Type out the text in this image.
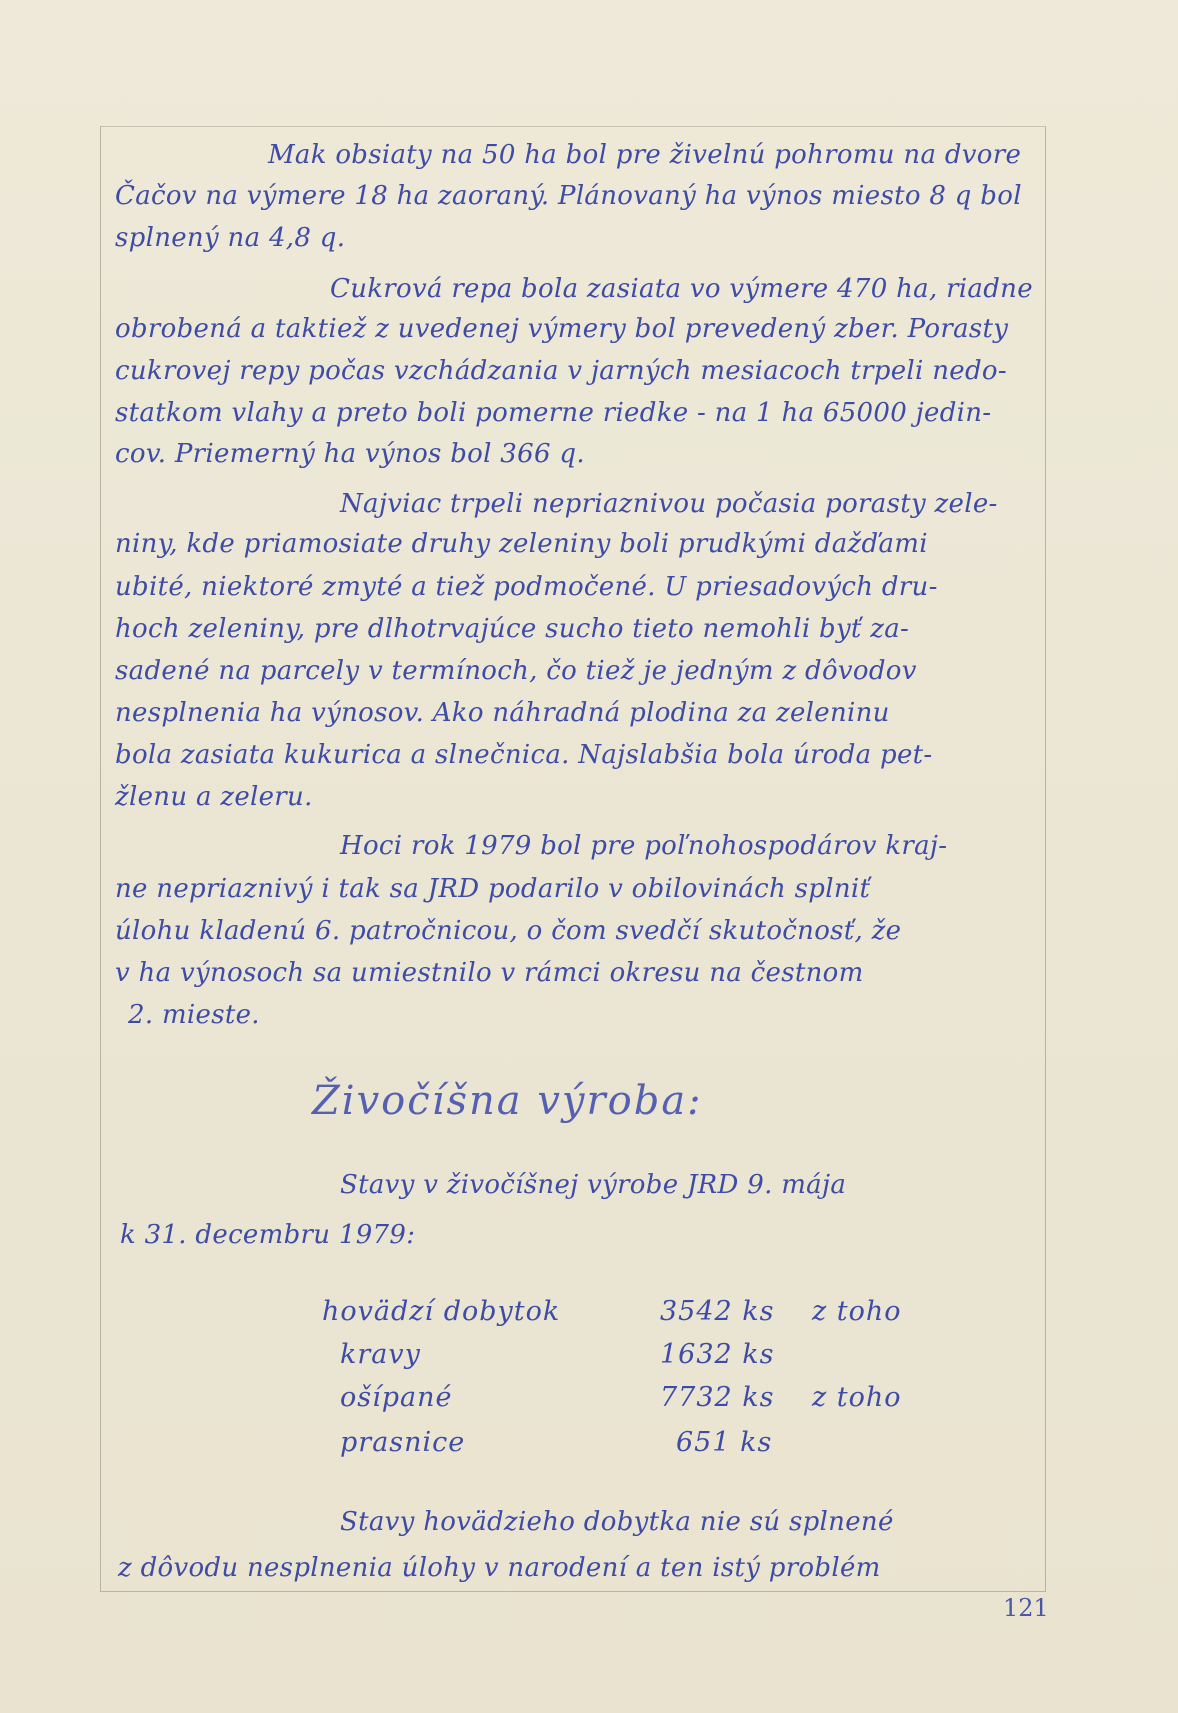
Mak obsiaty na 50 ha bol pre živelnú pohromu na dvore
Čačov na výmere 18 ha zaoraný. Plánovaný ha výnos miesto 8 q bol
splnený na 4,8 q.
Cukrová repa bola zasiata vo výmere 470 ha, riadne
obrobená a taktiež z uvedenej výmery bol prevedený zber. Porasty
cukrovej repy počas vzchádzania v jarných mesiacoch trpeli nedo-
statkom vlahy a preto boli pomerne riedke - na 1 ha 65000 jedin-
cov. Priemerný ha výnos bol 366 q.
Najviac trpeli nepriaznivou počasia porasty zele-
niny, kde priamosiate druhy zeleniny boli prudkými dažďami
ubité, niektoré zmyté a tiež podmočené. U priesadových dru-
hoch zeleniny, pre dlhotrvajúce sucho tieto nemohli byť za-
sadené na parcely v termínoch, čo tiež je jedným z dôvodov
nesplnenia ha výnosov. Ako náhradná plodina za zeleninu
bola zasiata kukurica a slnečnica. Najslabšia bola úroda pet-
žlenu a zeleru.
Hoci rok 1979 bol pre poľnohospodárov kraj-
ne nepriaznivý i tak sa JRD podarilo v obilovinách splniť
úlohu kladenú 6. patročnicou, o čom svedčí skutočnosť, že
v ha výnosoch sa umiestnilo v rámci okresu na čestnom
2. mieste.
Živočíšna výroba:
Stavy v živočíšnej výrobe JRD 9. mája
k 31. decembru 1979:
hovädzí dobytok	3542 ks z toho
kravy	1632 ks
ošípané	7732 ks z toho
prasnice	651 ks
Stavy hovädzieho dobytka nie sú splnené
z dôvodu nesplnenia úlohy v narodení a ten istý problém
121
